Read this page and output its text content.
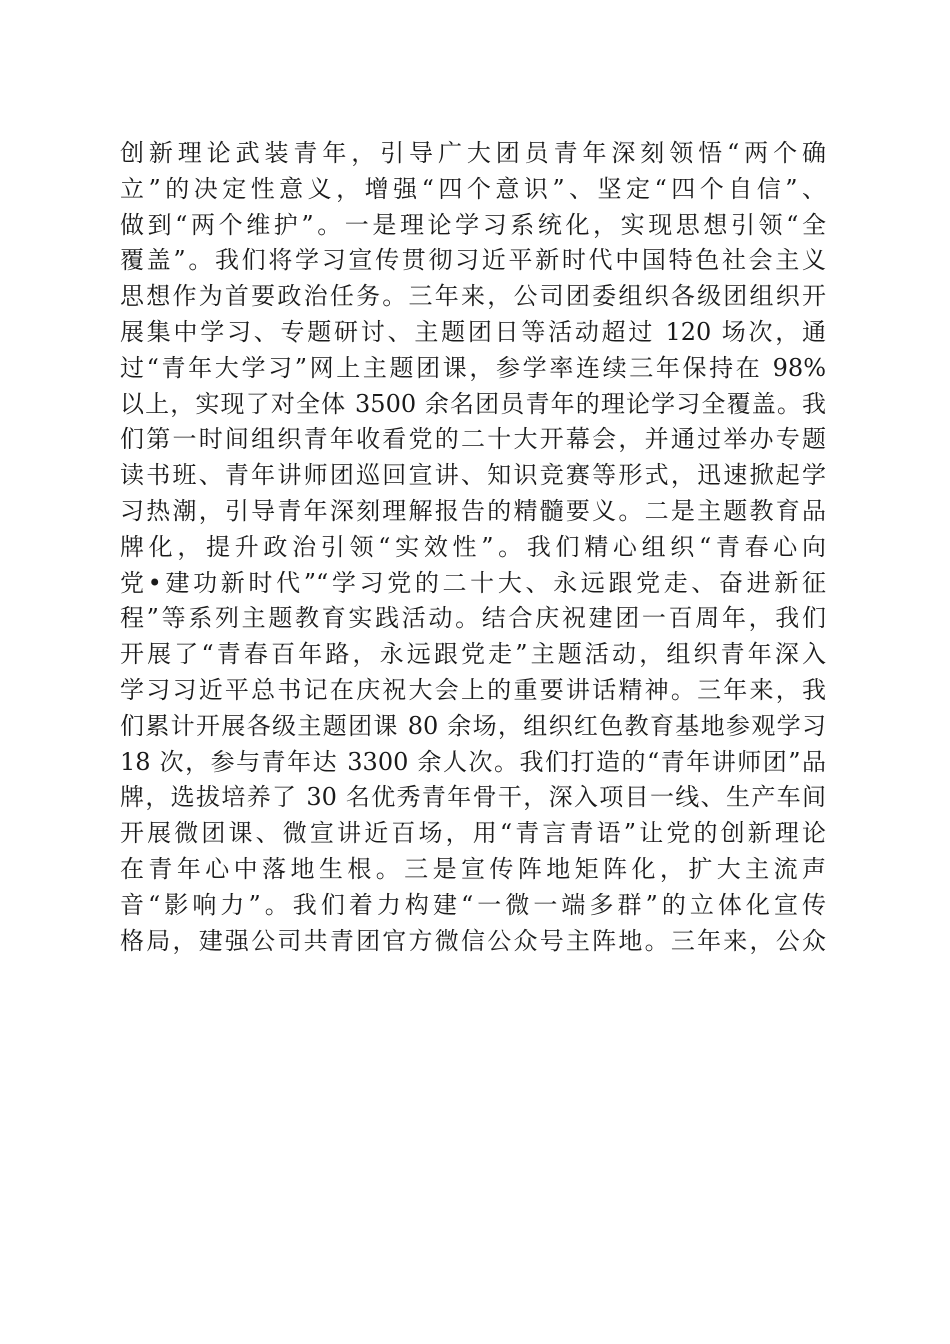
创新理论武装青年，引导广大团员青年深刻领悟“两个确
立”的决定性意义，增强“四个意识”、坚定“四个自信”、
做到“两个维护”。一是理论学习系统化，实现思想引领“全
覆盖”。我们将学习宣传贯彻习近平新时代中国特色社会主义
思想作为首要政治任务。三年来，公司团委组织各级团组织开
展集中学习、专题研讨、主题团日等活动超过 120 场次，通
过“青年大学习”网上主题团课，参学率连续三年保持在 98%
以上，实现了对全体 3500 余名团员青年的理论学习全覆盖。我
们第一时间组织青年收看党的二十大开幕会，并通过举办专题
读书班、青年讲师团巡回宣讲、知识竞赛等形式，迅速掀起学
习热潮，引导青年深刻理解报告的精髓要义。二是主题教育品
牌化，提升政治引领“实效性”。我们精心组织“青春心向
党•建功新时代”“学习党的二十大、永远跟党走、奋进新征
程”等系列主题教育实践活动。结合庆祝建团一百周年，我们
开展了“青春百年路，永远跟党走”主题活动，组织青年深入
学习习近平总书记在庆祝大会上的重要讲话精神。三年来，我
们累计开展各级主题团课 80 余场，组织红色教育基地参观学习
18 次，参与青年达 3300 余人次。我们打造的“青年讲师团”品
牌，选拔培养了 30 名优秀青年骨干，深入项目一线、生产车间
开展微团课、微宣讲近百场，用“青言青语”让党的创新理论
在青年心中落地生根。三是宣传阵地矩阵化，扩大主流声
音“影响力”。我们着力构建“一微一端多群”的立体化宣传
格局，建强公司共青团官方微信公众号主阵地。三年来，公众
